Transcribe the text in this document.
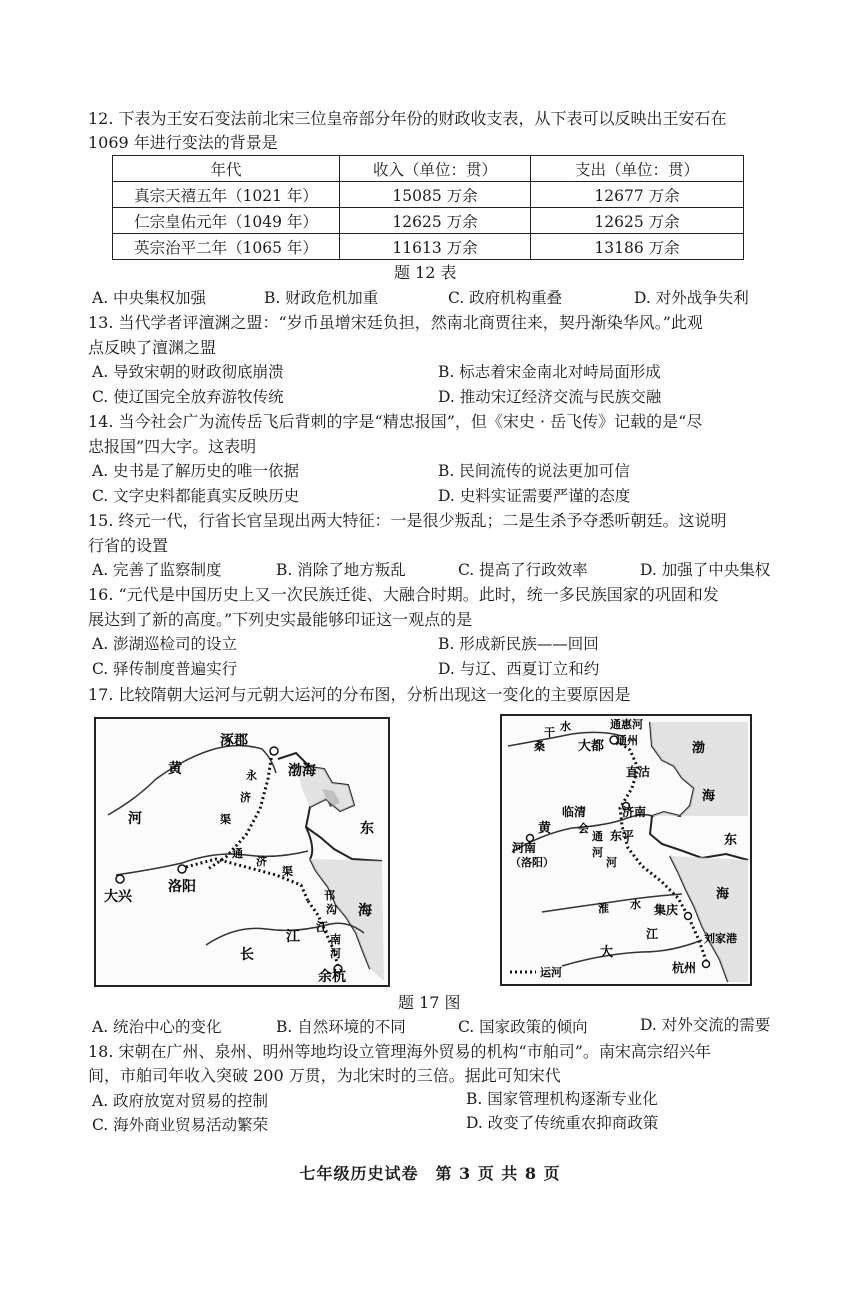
12. 下表为王安石变法前北宋三位皇帝部分年份的财政收支表，从下表可以反映出王安石在
1069 年进行变法的背景是
年代	收入（单位：贯）	支出（单位：贯）
真宗天禧五年（1021 年）	15085 万余	12677 万余
仁宗皇佑元年（1049 年）	12625 万余	12625 万余
英宗治平二年（1065 年）	11613 万余	13186 万余
题 12 表
A. 中央集权加强	B. 财政危机加重	C. 政府机构重叠	D. 对外战争失利
13. 当代学者评澶渊之盟：“岁币虽增宋廷负担，然南北商贾往来，契丹渐染华风。”此观
点反映了澶渊之盟
A. 导致宋朝的财政彻底崩溃	B. 标志着宋金南北对峙局面形成
C. 使辽国完全放弃游牧传统	D. 推动宋辽经济交流与民族交融
14. 当今社会广为流传岳飞后背刺的字是“精忠报国”，但《宋史 · 岳飞传》记载的是“尽
忠报国”四大字。这表明
A. 史书是了解历史的唯一依据	B. 民间流传的说法更加可信
C. 文字史料都能真实反映历史	D. 史料实证需要严谨的态度
15. 终元一代，行省长官呈现出两大特征：一是很少叛乱；二是生杀予夺悉听朝廷。这说明
行省的设置
A. 完善了监察制度	B. 消除了地方叛乱	C. 提高了行政效率	D. 加强了中央集权
16. “元代是中国历史上又一次民族迁徙、大融合时期。此时，统一多民族国家的巩固和发
展达到了新的高度。”下列史实最能够印证这一观点的是
A. 澎湖巡检司的设立	B. 形成新民族——回回
C. 驿传制度普遍实行	D. 与辽、西夏订立和约
17. 比较隋朝大运河与元朝大运河的分布图，分析出现这一变化的主要原因是
黄
涿郡
永
济
渠
渤海
河
东
通
济
渠
洛阳
大兴	邗
沟 海
江
南
河
长
江
余杭
桑
干 水	通惠河
通州
大都	渤
海
直沽
临清	济南
会
通
河
东平
黄
东
河南
（洛阳）	河
淮 水
海
集庆
江
大
刘家港
杭州
运河
题 17 图
A. 统治中心的变化	B. 自然环境的不同	C. 国家政策的倾向	D. 对外交流的需要
18. 宋朝在广州、泉州、明州等地均设立管理海外贸易的机构“市舶司”。南宋高宗绍兴年
间，市舶司年收入突破 200 万贯，为北宋时的三倍。据此可知宋代
A. 政府放宽对贸易的控制	B. 国家管理机构逐渐专业化
C. 海外商业贸易活动繁荣	D. 改变了传统重农抑商政策
七年级历史试卷　第 3 页 共 8 页
